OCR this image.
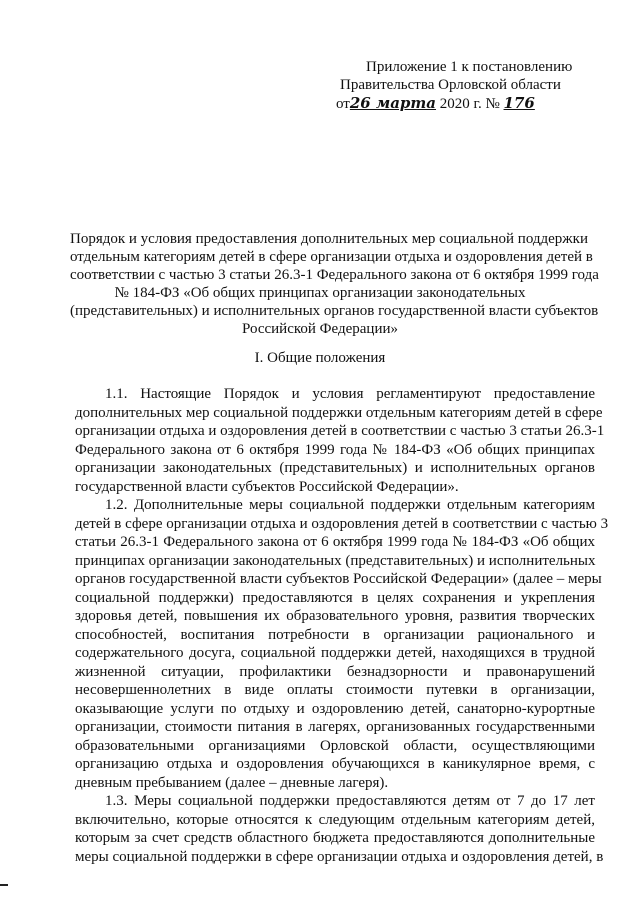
Приложение 1 к постановлению
Правительства Орловской области
от26 марта 2020 г. № 176
Порядок и условия предоставления дополнительных мер социальной поддержки
отдельным категориям детей в сфере организации отдыха и оздоровления детей в
соответствии с частью 3 статьи 26.3-1 Федерального закона от 6 октября 1999 года
№ 184-ФЗ «Об общих принципах организации законодательных
(представительных) и исполнительных органов государственной власти субъектов
Российской Федерации»
I. Общие положения

1.1. Настоящие Порядок и условия регламентируют предоставление
дополнительных мер социальной поддержки отдельным категориям детей в сфере
организации отдыха и оздоровления детей в соответствии с частью 3 статьи 26.3-1
Федерального закона от 6 октября 1999 года № 184-ФЗ «Об общих принципах
организации законодательных (представительных) и исполнительных органов
государственной власти субъектов Российской Федерации».

1.2. Дополнительные меры социальной поддержки отдельным категориям
детей в сфере организации отдыха и оздоровления детей в соответствии с частью 3
статьи 26.3-1 Федерального закона от 6 октября 1999 года № 184-ФЗ «Об общих
принципах организации законодательных (представительных) и исполнительных
органов государственной власти субъектов Российской Федерации» (далее – меры
социальной поддержки) предоставляются в целях сохранения и укрепления
здоровья детей, повышения их образовательного уровня, развития творческих
способностей, воспитания потребности в организации рационального и
содержательного досуга, социальной поддержки детей, находящихся в трудной
жизненной ситуации, профилактики безнадзорности и правонарушений
несовершеннолетних в виде оплаты стоимости путевки в организации,
оказывающие услуги по отдыху и оздоровлению детей, санаторно-курортные
организации, стоимости питания в лагерях, организованных государственными
образовательными организациями Орловской области, осуществляющими
организацию отдыха и оздоровления обучающихся в каникулярное время, с
дневным пребыванием (далее – дневные лагеря).

1.3. Меры социальной поддержки предоставляются детям от 7 до 17 лет
включительно, которые относятся к следующим отдельным категориям детей,
которым за счет средств областного бюджета предоставляются дополнительные
меры социальной поддержки в сфере организации отдыха и оздоровления детей, в
